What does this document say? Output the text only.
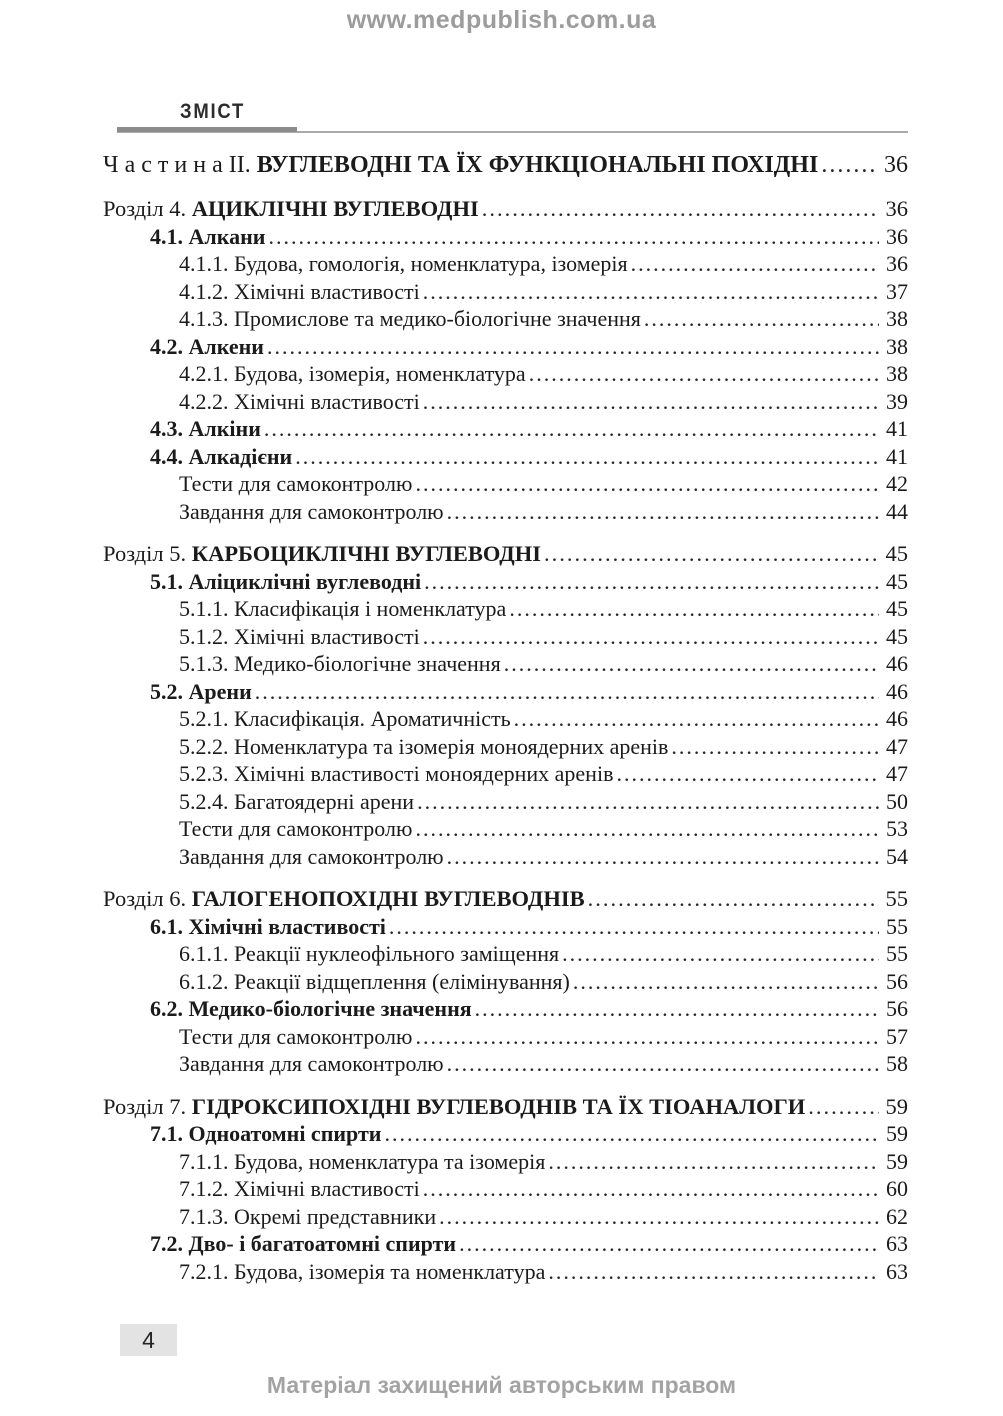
www.medpublish.com.ua
ЗМІСТ
Ч а с т и н а II. ВУГЛЕВОДНІ ТА ЇХ ФУНКЦІОНАЛЬНІ ПОХІДНІ .....	36
Розділ 4. АЦИКЛІЧНІ ВУГЛЕВОДНІ .....	36
4.1. Алкани .....	36
4.1.1. Будова, гомологія, номенклатура, ізомерія .....	36
4.1.2. Хімічні властивості .....	37
4.1.3. Промислове та медико-біологічне значення .....	38
4.2. Алкени .....	38
4.2.1. Будова, ізомерія, номенклатура .....	38
4.2.2. Хімічні властивості .....	39
4.3. Алкіни .....	41
4.4. Алкадієни .....	41
Тести для самоконтролю .....	42
Завдання для самоконтролю .....	44
Розділ 5. КАРБОЦИКЛІЧНІ ВУГЛЕВОДНІ .....	45
5.1. Аліциклічні вуглеводні .....	45
5.1.1. Класифікація і номенклатура .....	45
5.1.2. Хімічні властивості .....	45
5.1.3. Медико-біологічне значення .....	46
5.2. Арени .....	46
5.2.1. Класифікація. Ароматичність .....	46
5.2.2. Номенклатура та ізомерія моноядерних аренів .....	47
5.2.3. Хімічні властивості моноядерних аренів .....	47
5.2.4. Багатоядерні арени .....	50
Тести для самоконтролю .....	53
Завдання для самоконтролю .....	54
Розділ 6. ГАЛОГЕНОПОХІДНІ ВУГЛЕВОДНІВ .....	55
6.1. Хімічні властивості .....	55
6.1.1. Реакції нуклеофільного заміщення .....	55
6.1.2. Реакції відщеплення (елімінування) .....	56
6.2. Медико-біологічне значення .....	56
Тести для самоконтролю .....	57
Завдання для самоконтролю .....	58
Розділ 7. ГІДРОКСИПОХІДНІ ВУГЛЕВОДНІВ ТА ЇХ ТІОАНАЛОГИ .....	59
7.1. Одноатомні спирти .....	59
7.1.1. Будова, номенклатура та ізомерія .....	59
7.1.2. Хімічні властивості .....	60
7.1.3. Окремі представники .....	62
7.2. Дво- і багатоатомні спирти .....	63
7.2.1. Будова, ізомерія та номенклатура .....	63
4
Матеріал захищений авторським правом
